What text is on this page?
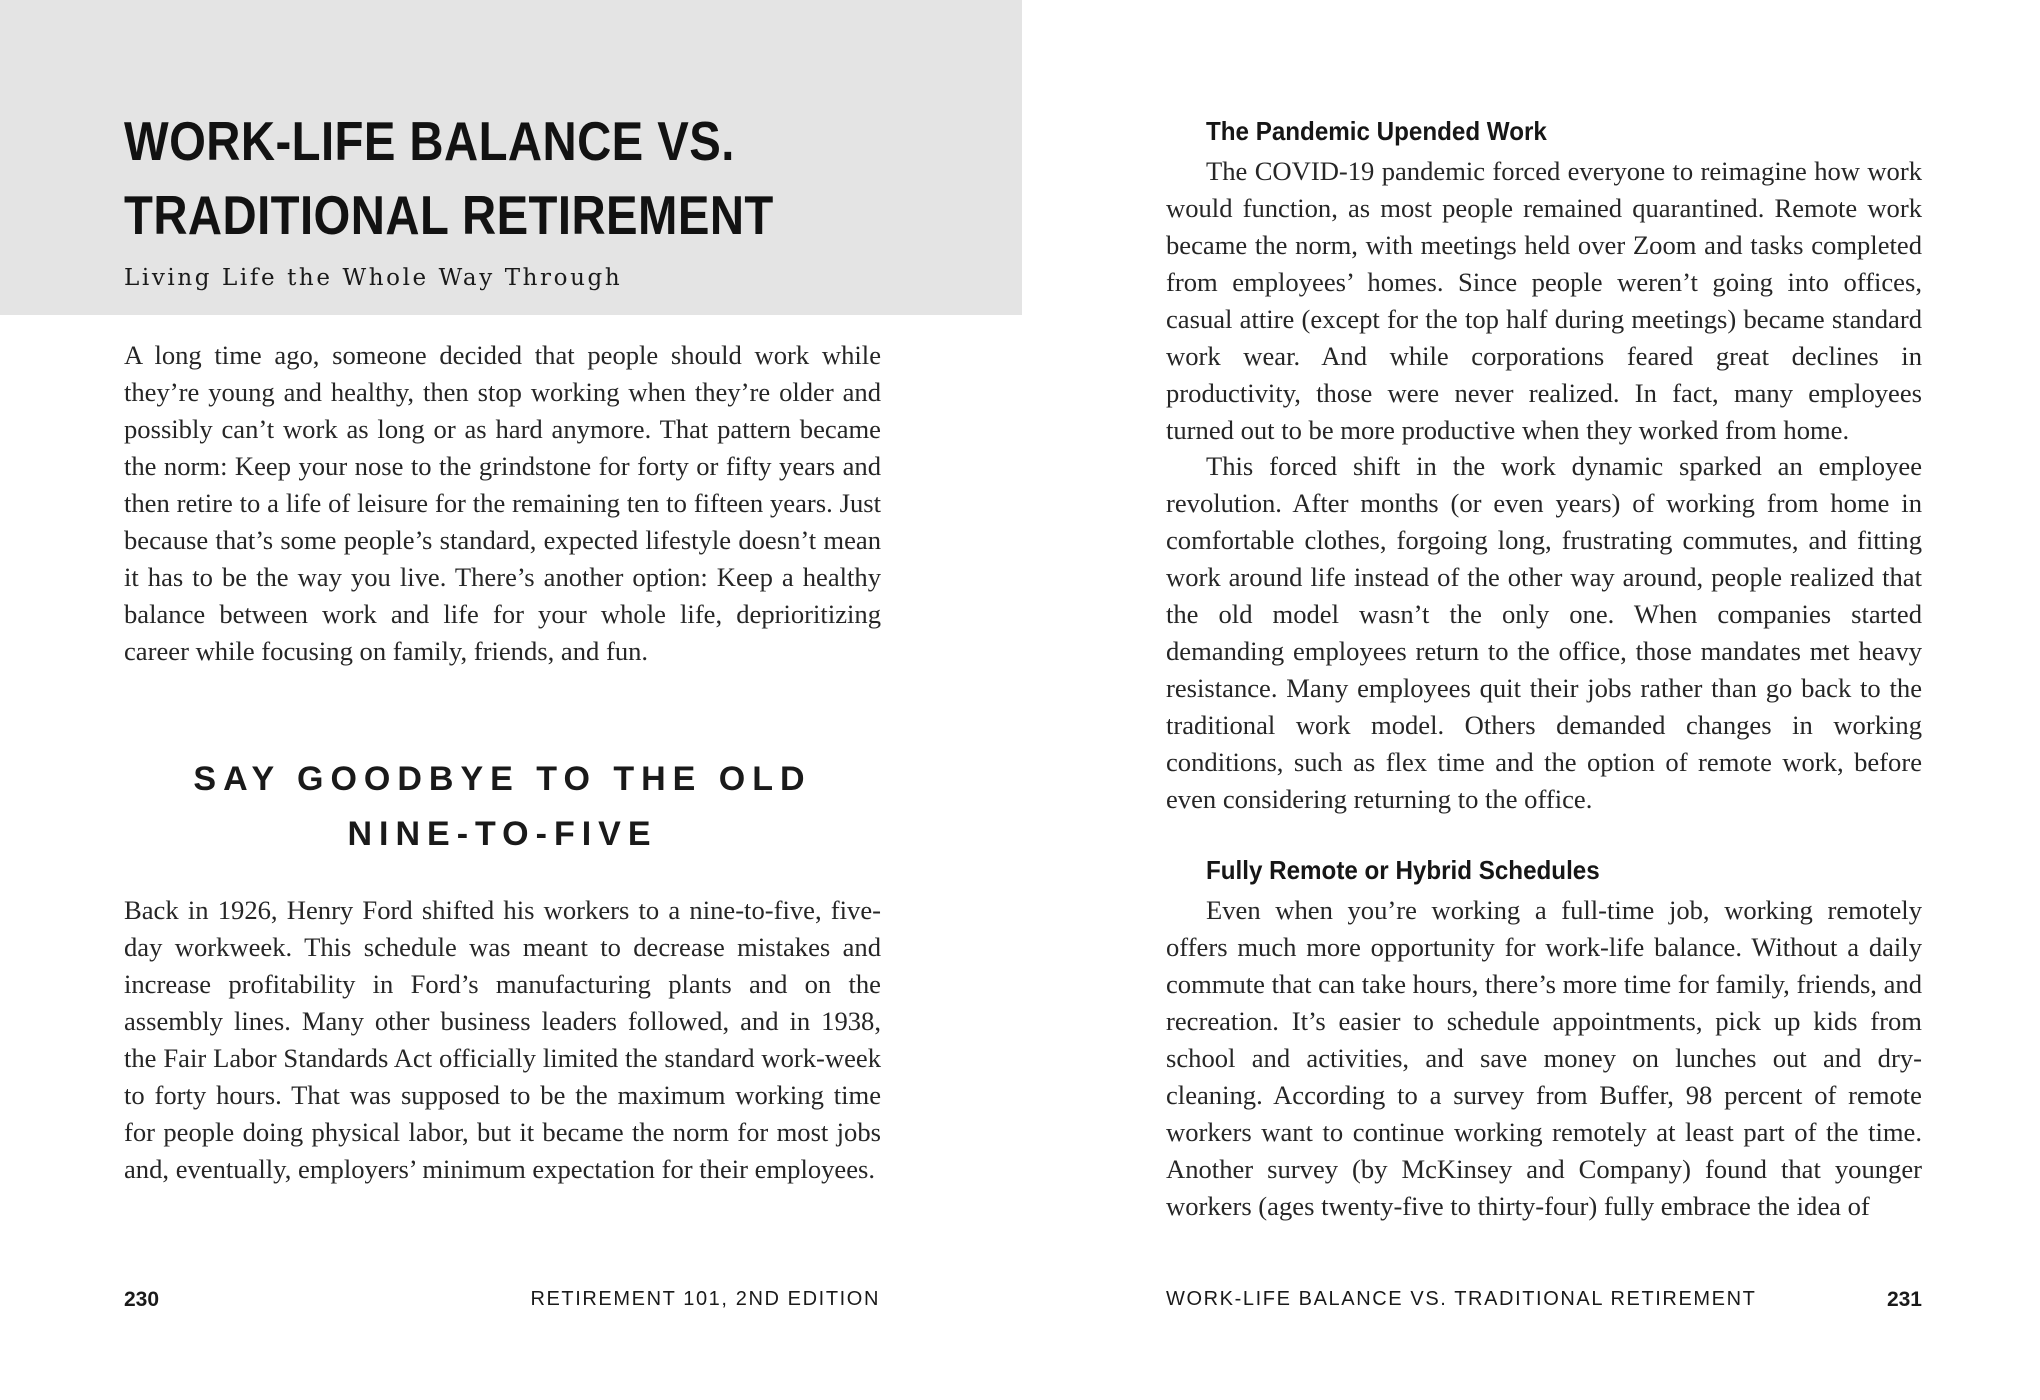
WORK-LIFE BALANCE VS.
TRADITIONAL RETIREMENT

Living Life the Whole Way Through

A long time ago, someone decided that people should work while they’re young and healthy, then stop working when they’re older and possibly can’t work as long or as hard anymore. That pattern became the norm: Keep your nose to the grindstone for forty or fifty years and then retire to a life of leisure for the remaining ten to fifteen years. Just because that’s some people’s standard, expected lifestyle doesn’t mean it has to be the way you live. There’s another option: Keep a healthy balance between work and life for your whole life, deprioritizing career while focusing on family, friends, and fun.

SAY GOODBYE TO THE OLD
NINE-TO-FIVE

Back in 1926, Henry Ford shifted his workers to a nine-to-five, five-day workweek. This schedule was meant to decrease mistakes and increase profitability in Ford’s manufacturing plants and on the assembly lines. Many other business leaders followed, and in 1938, the Fair Labor Standards Act officially limited the standard work-week to forty hours. That was supposed to be the maximum working time for people doing physical labor, but it became the norm for most jobs and, eventually, employers’ minimum expectation for their employees.

230	RETIREMENT 101, 2ND EDITION

The Pandemic Upended Work

The COVID-19 pandemic forced everyone to reimagine how work would function, as most people remained quarantined. Remote work became the norm, with meetings held over Zoom and tasks completed from employees’ homes. Since people weren’t going into offices, casual attire (except for the top half during meetings) became standard work wear. And while corporations feared great declines in productivity, those were never realized. In fact, many employees turned out to be more productive when they worked from home.

This forced shift in the work dynamic sparked an employee revolution. After months (or even years) of working from home in comfortable clothes, forgoing long, frustrating commutes, and fitting work around life instead of the other way around, people realized that the old model wasn’t the only one. When companies started demanding employees return to the office, those mandates met heavy resistance. Many employees quit their jobs rather than go back to the traditional work model. Others demanded changes in working conditions, such as flex time and the option of remote work, before even considering returning to the office.

Fully Remote or Hybrid Schedules

Even when you’re working a full-time job, working remotely offers much more opportunity for work-life balance. Without a daily commute that can take hours, there’s more time for family, friends, and recreation. It’s easier to schedule appointments, pick up kids from school and activities, and save money on lunches out and dry-cleaning. According to a survey from Buffer, 98 percent of remote workers want to continue working remotely at least part of the time. Another survey (by McKinsey and Company) found that younger workers (ages twenty-five to thirty-four) fully embrace the idea of

WORK-LIFE BALANCE VS. TRADITIONAL RETIREMENT	231
